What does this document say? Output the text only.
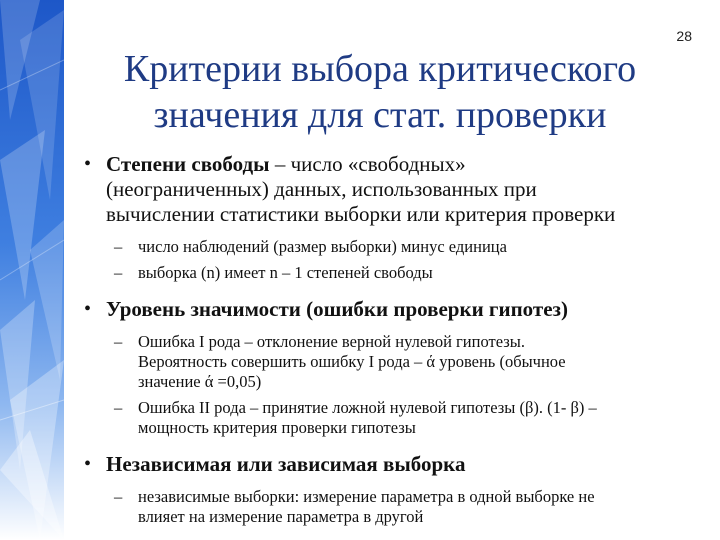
28
Критерии выбора критического
значения для стат. проверки
• Степени свободы – число «свободных»
(неограниченных) данных, использованных при
вычислении статистики выборки или критерия проверки
– число наблюдений (размер выборки) минус единица
– выборка (n) имеет n – 1 степеней свободы
• Уровень значимости (ошибки проверки гипотез)
– Ошибка I рода – отклонение верной нулевой гипотезы.
Вероятность совершить ошибку I рода – ά уровень (обычное
значение ά =0,05)
– Ошибка II рода – принятие ложной нулевой гипотезы (β). (1- β) –
мощность критерия проверки гипотезы
• Независимая или зависимая выборка
– независимые выборки: измерение параметра в одной выборке не
влияет на измерение параметра в другой
